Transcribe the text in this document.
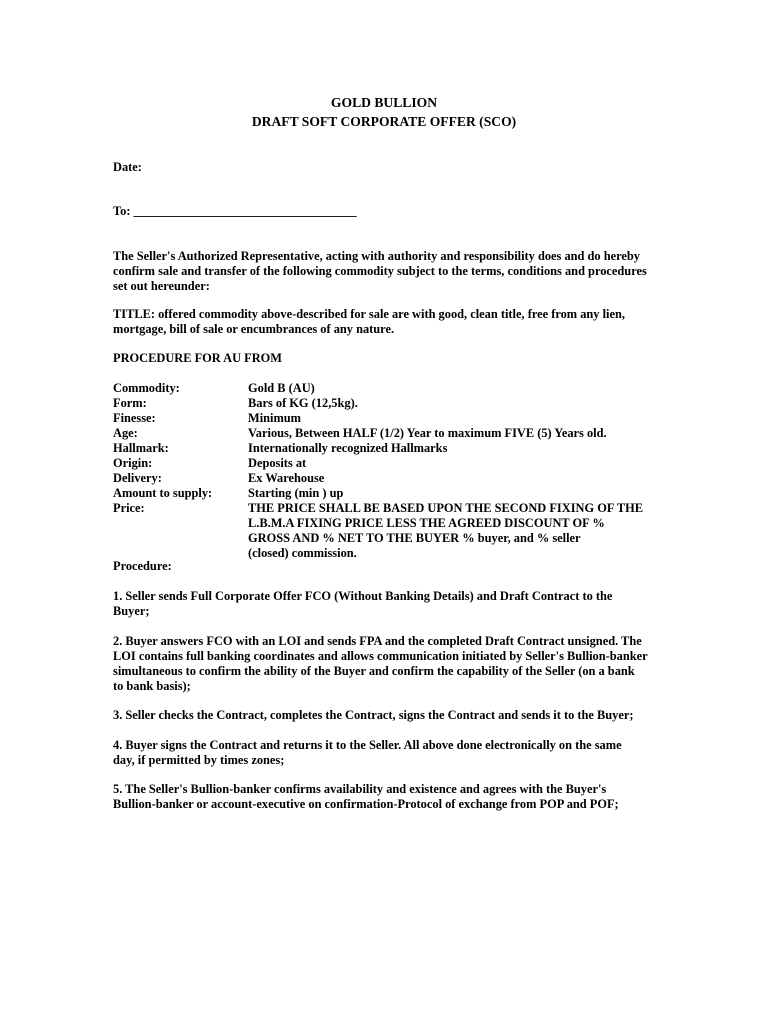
GOLD BULLION
DRAFT SOFT CORPORATE OFFER (SCO)
Date:
To: ____________________________________
The Seller's Authorized Representative, acting with authority and responsibility does and do hereby
confirm sale and transfer of the following commodity subject to the terms, conditions and procedures
set out hereunder:
TITLE: offered commodity above-described for sale are with good, clean title, free from any lien,
mortgage, bill of sale or encumbrances of any nature.
PROCEDURE FOR AU FROM
Commodity:	Gold B (AU)
Form:	Bars of KG (12,5kg).
Finesse:	Minimum
Age:	Various, Between HALF (1/2) Year to maximum FIVE (5) Years old.
Hallmark:	Internationally recognized Hallmarks
Origin:	Deposits at
Delivery:	Ex Warehouse
Amount to supply:	Starting (min ) up
Price:	THE PRICE SHALL BE BASED UPON THE SECOND FIXING OF THE
L.B.M.A FIXING PRICE LESS THE AGREED DISCOUNT OF %
GROSS AND % NET TO THE BUYER % buyer, and % seller
(closed) commission.
Procedure:
1. Seller sends Full Corporate Offer FCO (Without Banking Details) and Draft Contract to the
Buyer;
2. Buyer answers FCO with an LOI and sends FPA and the completed Draft Contract unsigned. The
LOI contains full banking coordinates and allows communication initiated by Seller's Bullion-banker
simultaneous to confirm the ability of the Buyer and confirm the capability of the Seller (on a bank
to bank basis);
3. Seller checks the Contract, completes the Contract, signs the Contract and sends it to the Buyer;
4. Buyer signs the Contract and returns it to the Seller. All above done electronically on the same
day, if permitted by times zones;
5. The Seller's Bullion-banker confirms availability and existence and agrees with the Buyer's
Bullion-banker or account-executive on confirmation-Protocol of exchange from POP and POF;
